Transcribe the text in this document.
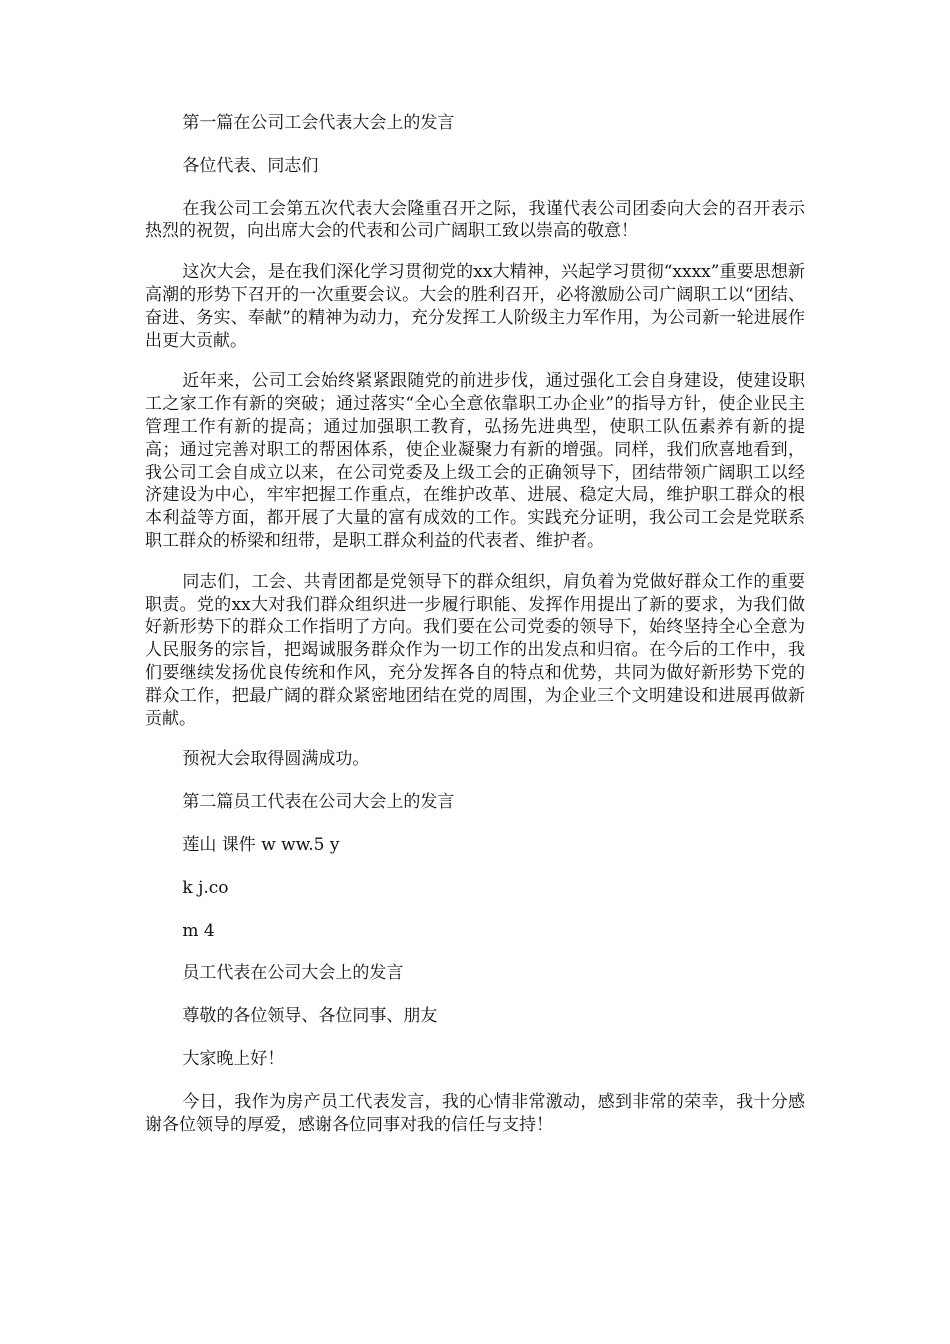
第一篇在公司工会代表大会上的发言

各位代表、同志们

在我公司工会第五次代表大会隆重召开之际，我谨代表公司团委向大会的召开表示热烈的祝贺，向出席大会的代表和公司广阔职工致以崇高的敬意！

这次大会，是在我们深化学习贯彻党的xx大精神，兴起学习贯彻“xxxx”重要思想新高潮的形势下召开的一次重要会议。大会的胜利召开，必将激励公司广阔职工以“团结、奋进、务实、奉献”的精神为动力，充分发挥工人阶级主力军作用，为公司新一轮进展作出更大贡献。

近年来，公司工会始终紧紧跟随党的前进步伐，通过强化工会自身建设，使建设职工之家工作有新的突破；通过落实“全心全意依靠职工办企业”的指导方针，使企业民主管理工作有新的提高；通过加强职工教育，弘扬先进典型，使职工队伍素养有新的提高；通过完善对职工的帮困体系，使企业凝聚力有新的增强。同样，我们欣喜地看到，我公司工会自成立以来，在公司党委及上级工会的正确领导下，团结带领广阔职工以经济建设为中心，牢牢把握工作重点，在维护改革、进展、稳定大局，维护职工群众的根本利益等方面，都开展了大量的富有成效的工作。实践充分证明，我公司工会是党联系职工群众的桥梁和纽带，是职工群众利益的代表者、维护者。

同志们，工会、共青团都是党领导下的群众组织，肩负着为党做好群众工作的重要职责。党的xx大对我们群众组织进一步履行职能、发挥作用提出了新的要求，为我们做好新形势下的群众工作指明了方向。我们要在公司党委的领导下，始终坚持全心全意为人民服务的宗旨，把竭诚服务群众作为一切工作的出发点和归宿。在今后的工作中，我们要继续发扬优良传统和作风，充分发挥各自的特点和优势，共同为做好新形势下党的群众工作，把最广阔的群众紧密地团结在党的周围，为企业三个文明建设和进展再做新贡献。

预祝大会取得圆满成功。

第二篇员工代表在公司大会上的发言

莲山 课件 w ww.5 y

k j.co

m 4

员工代表在公司大会上的发言

尊敬的各位领导、各位同事、朋友

大家晚上好！

今日，我作为房产员工代表发言，我的心情非常激动，感到非常的荣幸，我十分感谢各位领导的厚爱，感谢各位同事对我的信任与支持！
